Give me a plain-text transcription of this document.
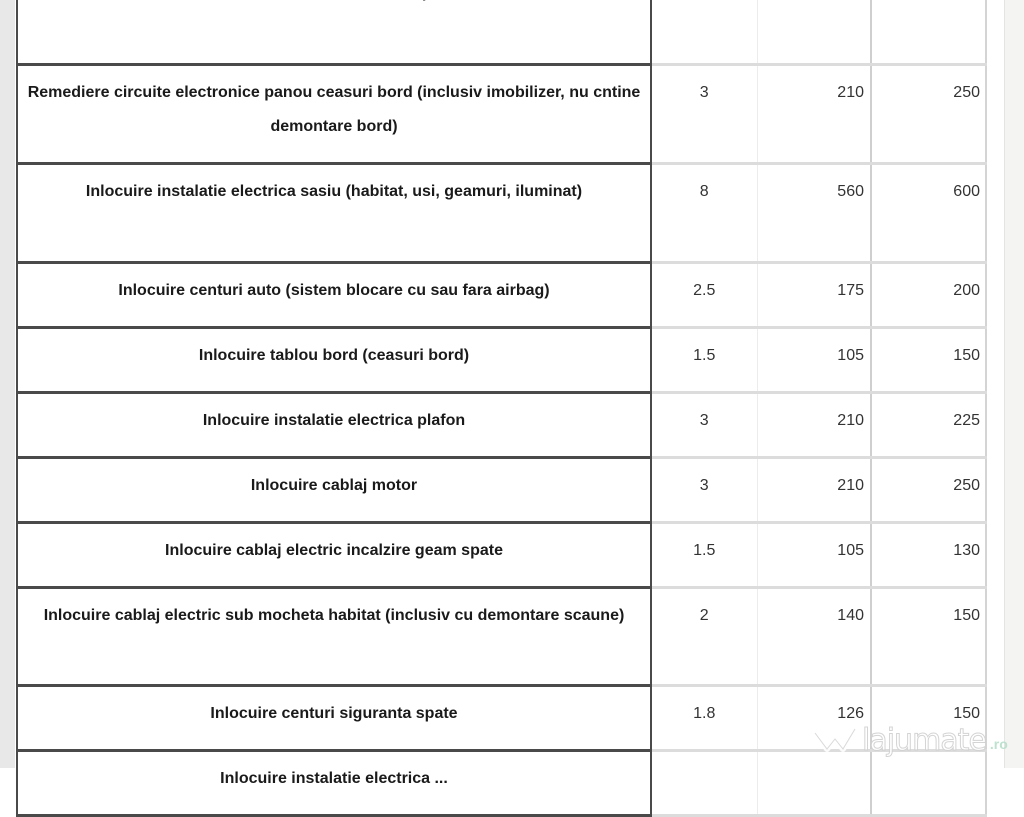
Remediere circuite electronice panou ceasuri bord (inclusiv imobilizer, nu cntine demontare bord)	3	210	250
Inlocuire instalatie electrica sasiu (habitat, usi, geamuri, iluminat)	8	560	600
Inlocuire centuri auto (sistem blocare cu sau fara airbag)	2.5	175	200
Inlocuire tablou bord (ceasuri bord)	1.5	105	150
Inlocuire instalatie electrica plafon	3	210	225
Inlocuire cablaj motor	3	210	250
Inlocuire cablaj electric incalzire geam spate	1.5	105	130
Inlocuire cablaj electric sub mocheta habitat (inclusiv cu demontare scaune)	2	140	150
Inlocuire centuri siguranta spate	1.8	126	150
Inlocuire instalatie electrica ...			
lajumate .ro
